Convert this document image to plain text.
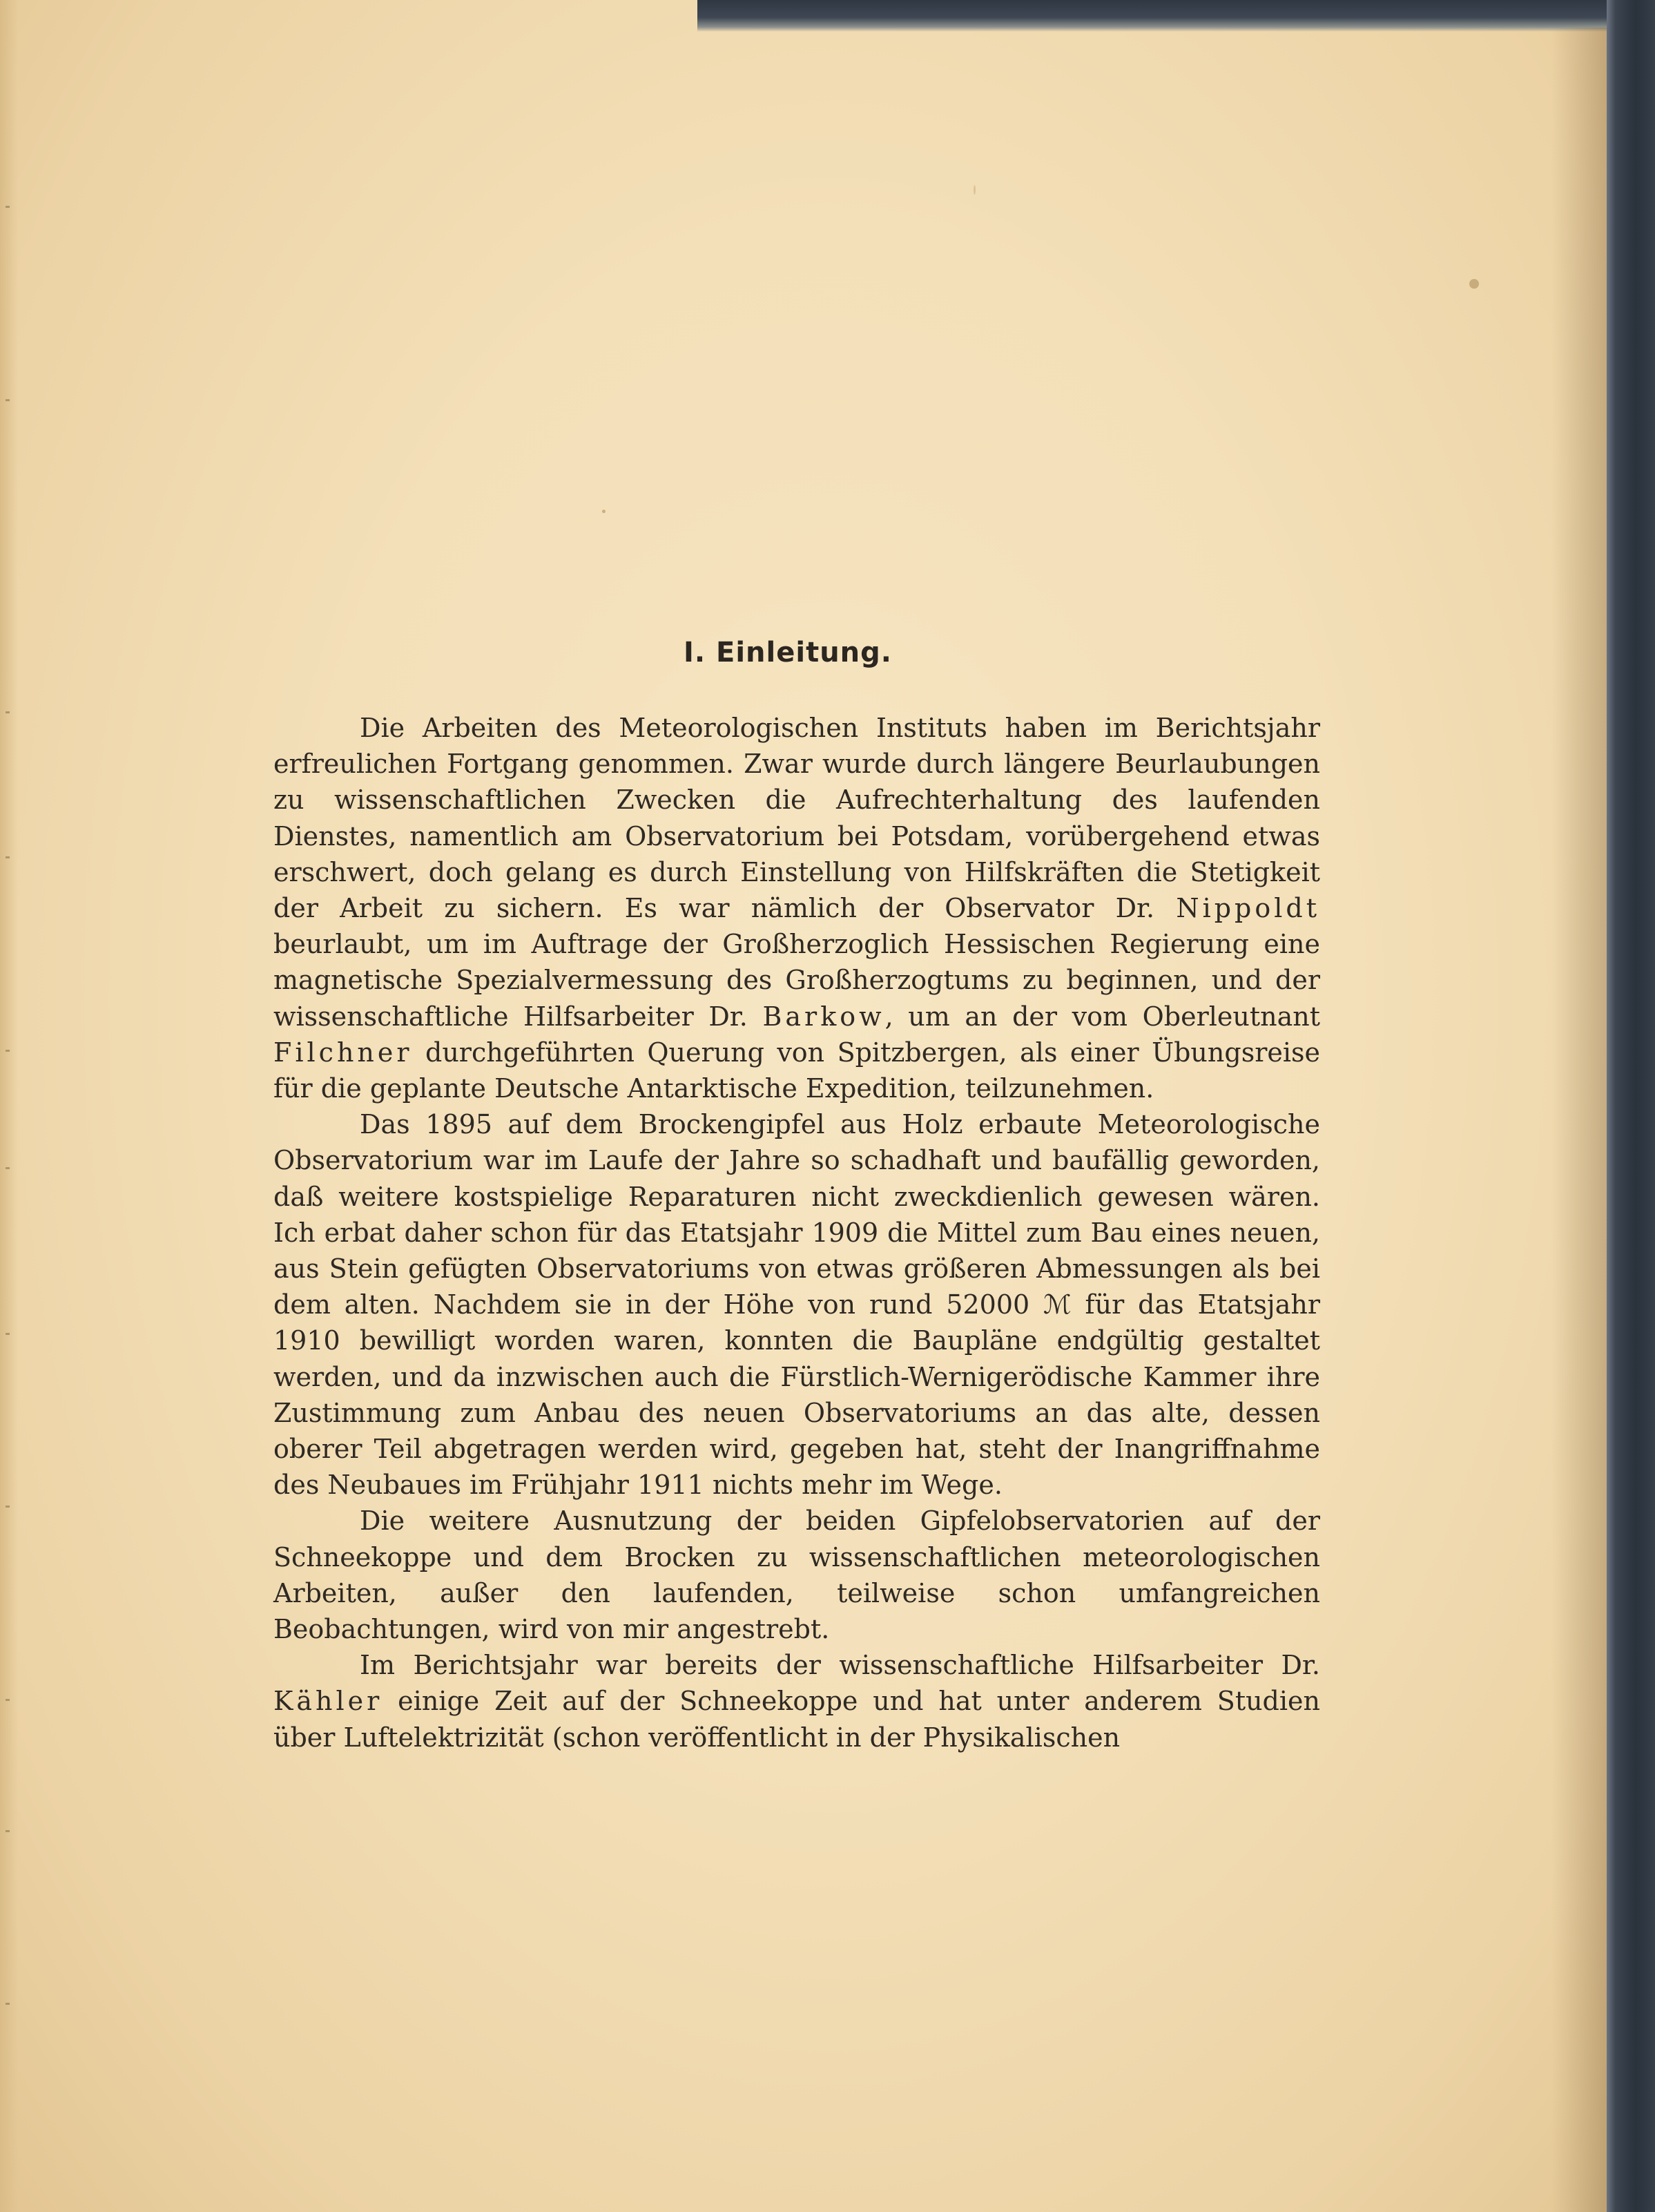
I. Einleitung.

Die Arbeiten des Meteorologischen Instituts haben im Berichtsjahr erfreulichen Fortgang genommen. Zwar wurde durch längere Beurlaubungen zu wissenschaftlichen Zwecken die Aufrechterhaltung des laufenden Dienstes, namentlich am Observatorium bei Potsdam, vorübergehend etwas erschwert, doch gelang es durch Einstellung von Hilfskräften die Stetigkeit der Arbeit zu sichern. Es war nämlich der Observator Dr. Nippoldt beurlaubt, um im Auftrage der Großherzoglich Hessischen Regierung eine magnetische Spezialvermessung des Großherzogtums zu beginnen, und der wissenschaftliche Hilfsarbeiter Dr. Barkow, um an der vom Oberleutnant Filchner durchgeführten Querung von Spitzbergen, als einer Übungsreise für die geplante Deutsche Antarktische Expedition, teilzunehmen.

Das 1895 auf dem Brockengipfel aus Holz erbaute Meteorologische Observatorium war im Laufe der Jahre so schadhaft und baufällig geworden, daß weitere kostspielige Reparaturen nicht zweckdienlich gewesen wären. Ich erbat daher schon für das Etatsjahr 1909 die Mittel zum Bau eines neuen, aus Stein gefügten Observatoriums von etwas größeren Abmessungen als bei dem alten. Nachdem sie in der Höhe von rund 52000 ℳ für das Etatsjahr 1910 bewilligt worden waren, konnten die Baupläne endgültig gestaltet werden, und da inzwischen auch die Fürstlich-Wernigerödische Kammer ihre Zustimmung zum Anbau des neuen Observatoriums an das alte, dessen oberer Teil abgetragen werden wird, gegeben hat, steht der Inangriffnahme des Neubaues im Frühjahr 1911 nichts mehr im Wege.

Die weitere Ausnutzung der beiden Gipfelobservatorien auf der Schneekoppe und dem Brocken zu wissenschaftlichen meteorologischen Arbeiten, außer den laufenden, teilweise schon umfangreichen Beobachtungen, wird von mir angestrebt.

Im Berichtsjahr war bereits der wissenschaftliche Hilfsarbeiter Dr. Kähler einige Zeit auf der Schneekoppe und hat unter anderem Studien über Luftelektrizität (schon veröffentlicht in der Physikalischen
